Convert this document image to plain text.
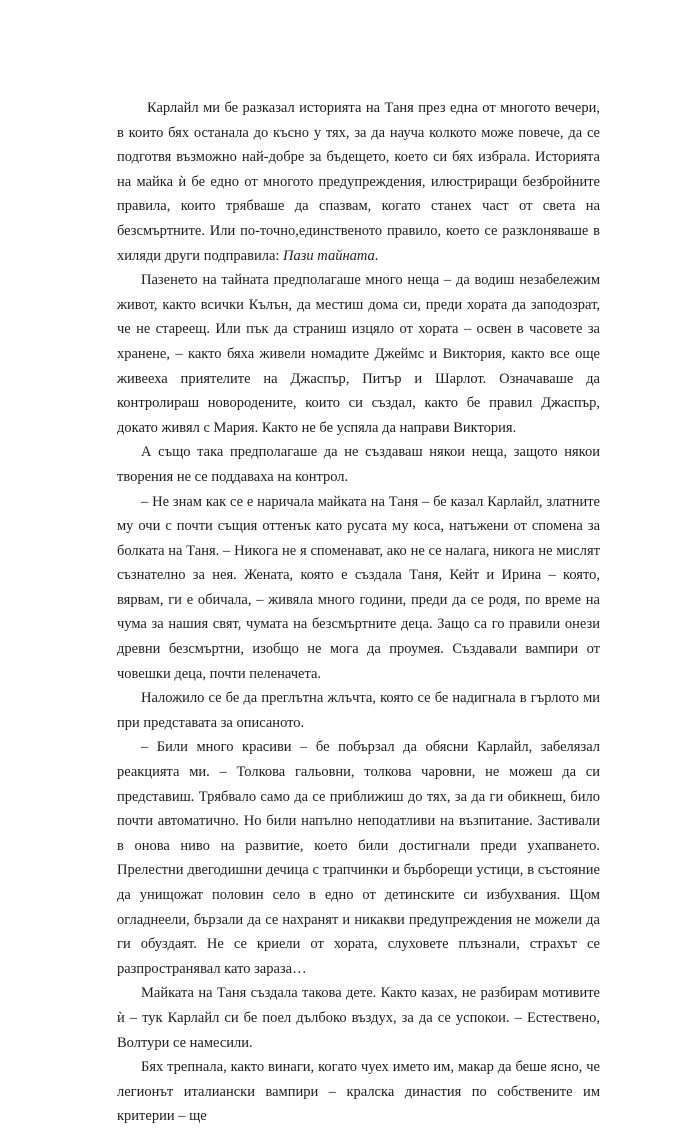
Карлайл ми бе разказал историята на Таня през една от многото вечери, в които бях останала до късно у тях, за да науча колкото може повече, да се подготвя възможно най-добре за бъдещето, което си бях избрала. Историята на майка ѝ бе едно от многото предупреждения, илюстриращи безбройните правила, които трябваше да спазвам, когато станех част от света на безсмъртните. Или по-точно,единственото правило, което се разклоняваше в хиляди други подправила: Пази тайната.

Пазенето на тайната предполагаше много неща – да водиш незабележим живот, както всички Кълън, да местиш дома си, преди хората да заподозрат, че не стареещ. Или пък да страниш изцяло от хората – освен в часовете за хранене, – както бяха живели номадите Джеймс и Виктория, както все още живееха приятелите на Джаспър, Питър и Шарлот. Означаваше да контролираш новородените, които си създал, както бе правил Джаспър, докато живял с Мария. Както не бе успяла да направи Виктория.

А също така предполагаше да не създаваш някои неща, защото някои творения не се поддаваха на контрол.

– Не знам как се е наричала майката на Таня – бе казал Карлайл, златните му очи с почти същия оттенък като русата му коса, натъжени от спомена за болката на Таня. – Никога не я споменават, ако не се налага, никога не мислят съзнателно за нея. Жената, която е създала Таня, Кейт и Ирина – която, вярвам, ги е обичала, – живяла много години, преди да се родя, по време на чума за нашия свят, чумата на безсмъртните деца. Защо са го правили онези древни безсмъртни, изобщо не мога да проумея. Създавали вампири от човешки деца, почти пеленачета.

Наложило се бе да преглътна жлъчта, която се бе надигнала в гърлото ми при представата за описаното.

– Били много красиви – бе побързал да обясни Карлайл, забелязал реакцията ми. – Толкова гальовни, толкова чаровни, не можеш да си представиш. Трябвало само да се приближиш до тях, за да ги обикнеш, било почти автоматично. Но били напълно неподатливи на възпитание. Застивали в онова ниво на развитие, което били достигнали преди ухапването. Прелестни двегодишни дечица с трапчинки и бърборещи устици, в състояние да унищожат половин село в едно от детинските си избухвания. Щом огладнеели, бързали да се нахранят и никакви предупреждения не можели да ги обуздаят. Не се криели от хората, слуховете плъзнали, страхът се разпространявал като зараза…

Майката на Таня създала такова дете. Както казах, не разбирам мотивите ѝ – тук Карлайл си бе поел дълбоко въздух, за да се успокои. – Естествено, Волтури се намесили.

Бях трепнала, както винаги, когато чуех името им, макар да беше ясно, че легионът италиански вампири – кралска династия по собствените им критерии – ще
